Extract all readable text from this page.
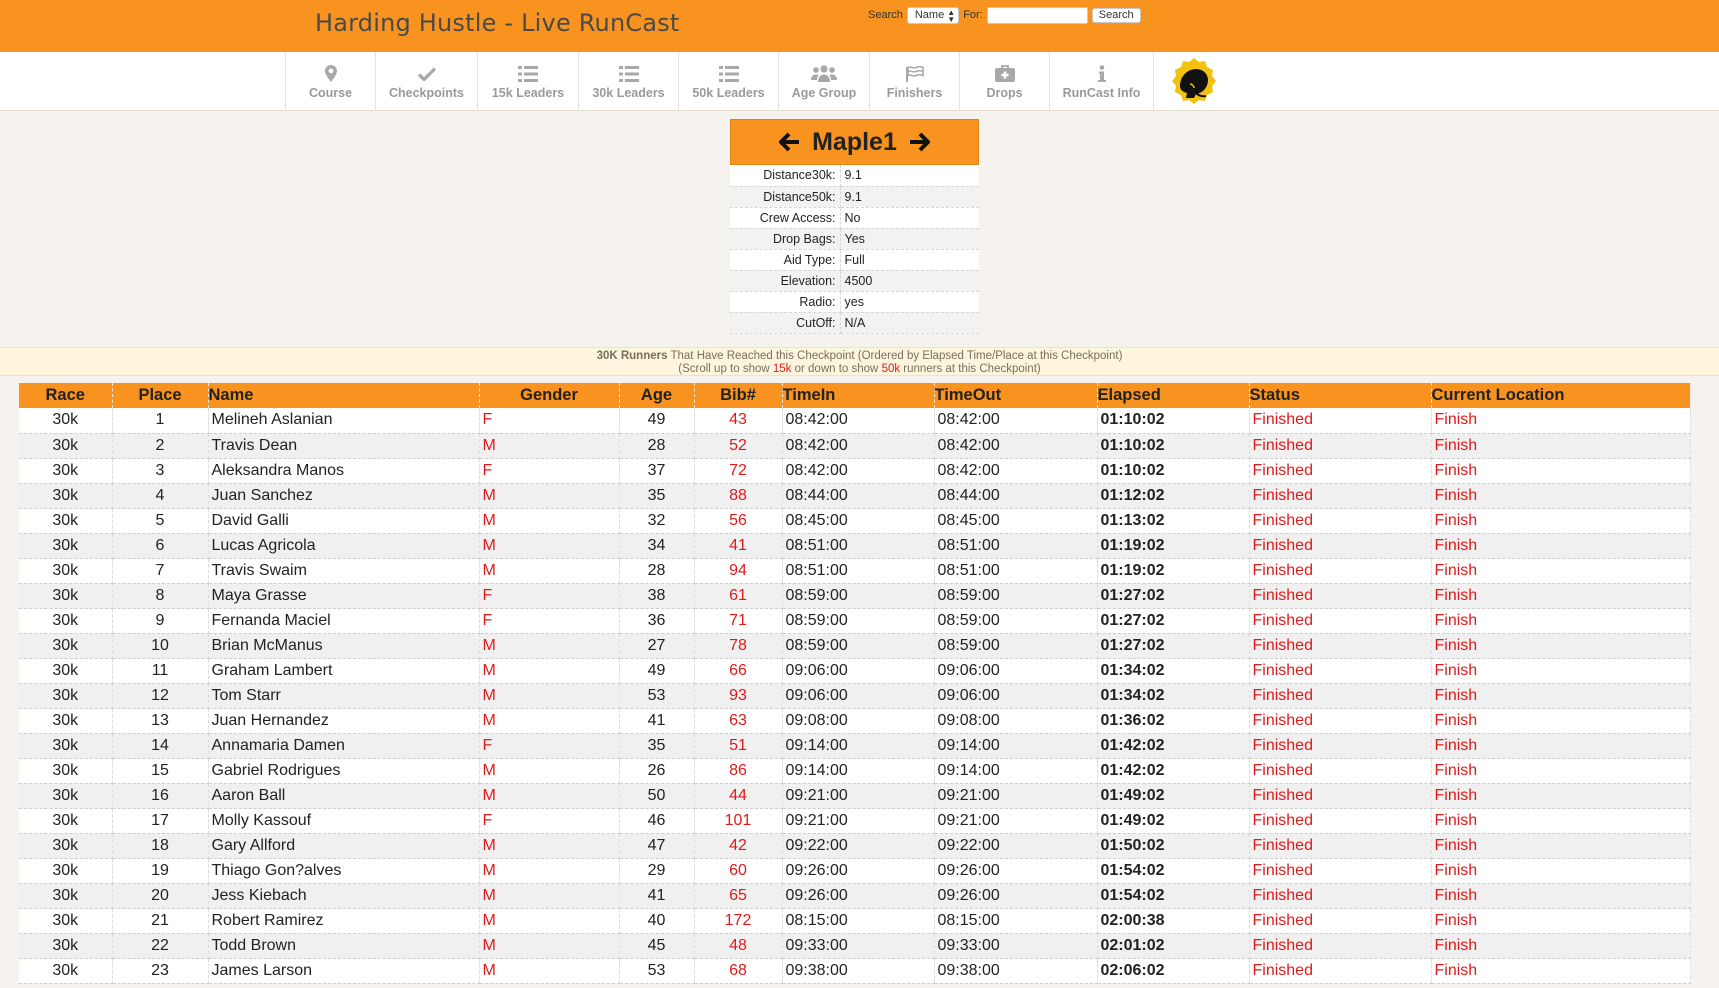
Harding Hustle - Live RunCast	Search	Name ▲
▼ For:	Search
Course	Checkpoints 15k Leaders 30k Leaders 50k Leaders Age Group Finishers	Drops	RunCast Info
Maple1
Distance30k:	9.1
Distance50k:	9.1
Crew Access:	No
Drop Bags:	Yes
Aid Type:	Full
Elevation:	4500
Radio:	yes
CutOff:	N/A
30K Runners That Have Reached this Checkpoint (Ordered by Elapsed Time/Place at this Checkpoint)
(Scroll up to show 15k or down to show 50k runners at this Checkpoint)
Race	Place	Name	Gender	Age	Bib#	TimeIn	TimeOut	Elapsed	Status	Current Location
30k	1	Melineh Aslanian	F	49	43	08:42:00	08:42:00	01:10:02	Finished	Finish
30k	2	Travis Dean	M	28	52	08:42:00	08:42:00	01:10:02	Finished	Finish
30k	3	Aleksandra Manos	F	37	72	08:42:00	08:42:00	01:10:02	Finished	Finish
30k	4	Juan Sanchez	M	35	88	08:44:00	08:44:00	01:12:02	Finished	Finish
30k	5	David Galli	M	32	56	08:45:00	08:45:00	01:13:02	Finished	Finish
30k	6	Lucas Agricola	M	34	41	08:51:00	08:51:00	01:19:02	Finished	Finish
30k	7	Travis Swaim	M	28	94	08:51:00	08:51:00	01:19:02	Finished	Finish
30k	8	Maya Grasse	F	38	61	08:59:00	08:59:00	01:27:02	Finished	Finish
30k	9	Fernanda Maciel	F	36	71	08:59:00	08:59:00	01:27:02	Finished	Finish
30k	10	Brian McManus	M	27	78	08:59:00	08:59:00	01:27:02	Finished	Finish
30k	11	Graham Lambert	M	49	66	09:06:00	09:06:00	01:34:02	Finished	Finish
30k	12	Tom Starr	M	53	93	09:06:00	09:06:00	01:34:02	Finished	Finish
30k	13	Juan Hernandez	M	41	63	09:08:00	09:08:00	01:36:02	Finished	Finish
30k	14	Annamaria Damen	F	35	51	09:14:00	09:14:00	01:42:02	Finished	Finish
30k	15	Gabriel Rodrigues	M	26	86	09:14:00	09:14:00	01:42:02	Finished	Finish
30k	16	Aaron Ball	M	50	44	09:21:00	09:21:00	01:49:02	Finished	Finish
30k	17	Molly Kassouf	F	46	101	09:21:00	09:21:00	01:49:02	Finished	Finish
30k	18	Gary Allford	M	47	42	09:22:00	09:22:00	01:50:02	Finished	Finish
30k	19	Thiago Gon?alves	M	29	60	09:26:00	09:26:00	01:54:02	Finished	Finish
30k	20	Jess Kiebach	M	41	65	09:26:00	09:26:00	01:54:02	Finished	Finish
30k	21	Robert Ramirez	M	40	172	08:15:00	08:15:00	02:00:38	Finished	Finish
30k	22	Todd Brown	M	45	48	09:33:00	09:33:00	02:01:02	Finished	Finish
30k	23	James Larson	M	53	68	09:38:00	09:38:00	02:06:02	Finished	Finish
